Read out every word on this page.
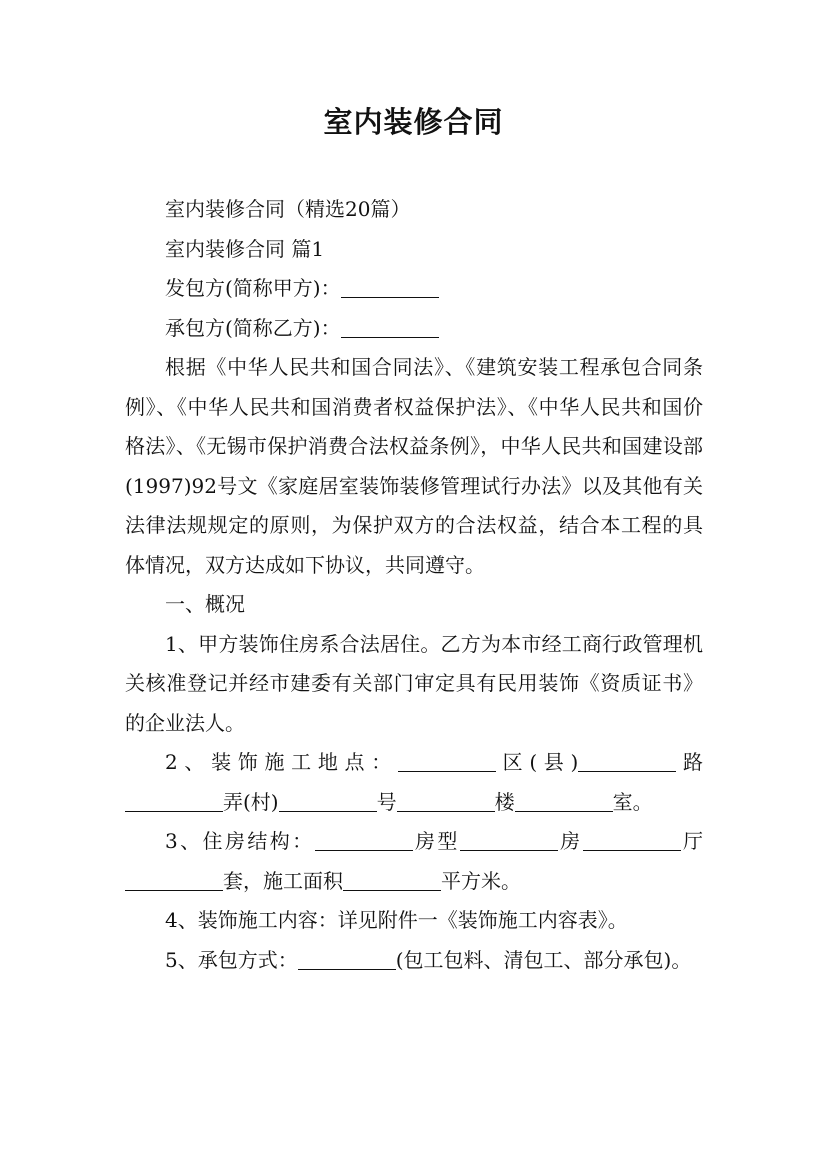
室内装修合同

室内装修合同（精选20篇）

室内装修合同 篇1

发包方(简称甲方)：

承包方(简称乙方)：

根据《中华人民共和国合同法》、《建筑安装工程承包合同条例》、《中华人民共和国消费者权益保护法》、《中华人民共和国价格法》、《无锡市保护消费合法权益条例》，中华人民共和国建设部(1997)92号文《家庭居室装饰装修管理试行办法》以及其他有关法律法规规定的原则，为保护双方的合法权益，结合本工程的具体情况，双方达成如下协议，共同遵守。

一、概况

1、甲方装饰住房系合法居住。乙方为本市经工商行政管理机关核准登记并经市建委有关部门审定具有民用装饰《资质证书》的企业法人。

2、装饰施工地点：	区(县)	路弄(村)	号	楼	室。

3、住房结构：	房型	房	厅套，施工面积	平方米。

4、装饰施工内容：详见附件一《装饰施工内容表》。

5、承包方式：	(包工包料、清包工、部分承包)。
